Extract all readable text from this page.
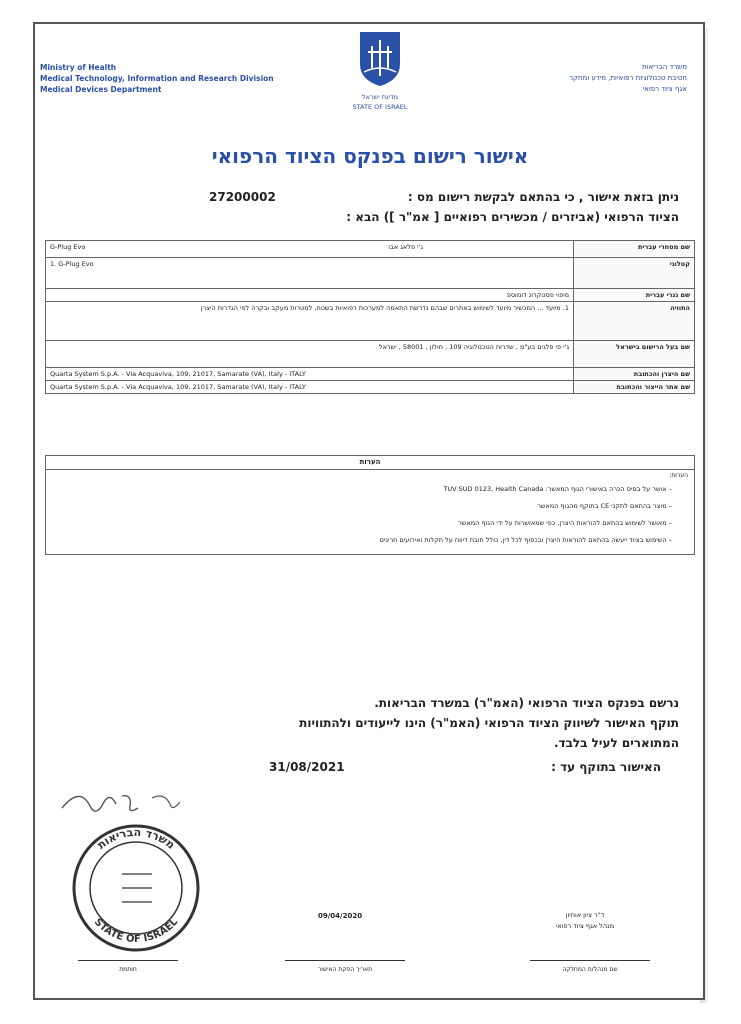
Ministry of Health
Medical Technology, Information and Research Division
Medical Devices Department
מדינת ישראל
STATE OF ISRAEL
משרד הבריאות
חטיבת טכנולוגיות רפואיות, מידע ומחקר
אגף ציוד רפואי
אישור רישום בפנקס הציוד הרפואי
ניתן בזאת אישור , כי בהתאם לבקשת רישום מס :
27200002
הציוד הרפואי (אביזרים / מכשירים רפואיים [ אמ"ר ]) הבא :
שם מסחרי עברית	ג'י פלאג אבו
G-Plug Evo

קטלוגי	1. G-Plug Evo
שם גנרי עברית	מיפוי פסטקרונ דומוספ
התוויה	1. מיועד ... המכשיר מיועד לשימוש באתרים שבהם נדרשת התאמה למערכות רפואיות בשטח, למטרות מעקב ובקרה לפי הגדרות היצרן
שם בעל הרישום בישראל	ג'י פי פלגים בע"מ , שדרות הטכנולוגיה 109 , חולון , 58001 , ישראל
שם היצרן והכתובת	Quarta System S.p.A. - Via Acquaviva, 109, 21017, Samarate (VA), Italy - ITALY
שם אתר הייצור והכתובת	Quarta System S.p.A. - Via Acquaviva, 109, 21017, Samarate (VA), Italy - ITALY
הערות
הערות:
– אושר על בסיס הכרה באישורי הגוף המאשר: TUV SUD 0123, Health Canada
– מוצר בהתאם לתקני CE בתוקף מהגוף המאשר
– מאושר לשימוש בהתאם להוראות היצרן, כפי שמאושרות על ידי הגוף המאשר
– השימוש בציוד ייעשה בהתאם להוראות היצרן ובכפוף לכל דין, כולל חובת דיווח על תקלות ואירועים חריגים
נרשם בפנקס הציוד הרפואי (האמ"ר) במשרד הבריאות.
תוקף האישור לשיווק הציוד הרפואי (האמ"ר) הינו לייעודים ולהתוויות
המתוארים לעיל בלבד.
האישור בתוקף עד :
31/08/2021
משרד הבריאות
STATE OF ISRAEL
09/04/2020	ד"ר ציון אוחיון
מנהל אגף ציוד רפואי
חותמת	תאריך הפקת האישור	שם מנהל/ת המחלקה
